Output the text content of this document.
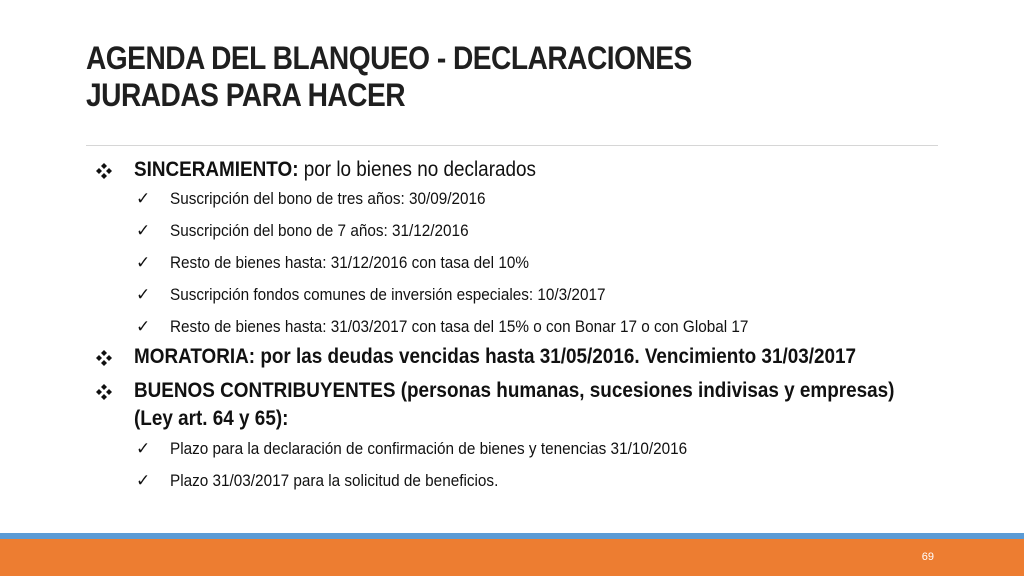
AGENDA DEL BLANQUEO - DECLARACIONES
JURADAS PARA HACER
SINCERAMIENTO: por lo bienes no declarados
✓ Suscripción del bono de tres años: 30/09/2016
✓ Suscripción del bono de 7 años: 31/12/2016
✓ Resto de bienes hasta: 31/12/2016 con tasa del 10%
✓ Suscripción fondos comunes de inversión especiales: 10/3/2017
✓ Resto de bienes hasta: 31/03/2017 con tasa del 15% o con Bonar 17 o con Global 17
MORATORIA: por las deudas vencidas hasta 31/05/2016. Vencimiento 31/03/2017
BUENOS CONTRIBUYENTES (personas humanas, sucesiones indivisas y empresas)
(Ley art. 64 y 65):
✓ Plazo para la declaración de confirmación de bienes y tenencias 31/10/2016
✓ Plazo 31/03/2017 para la solicitud de beneficios.
69
